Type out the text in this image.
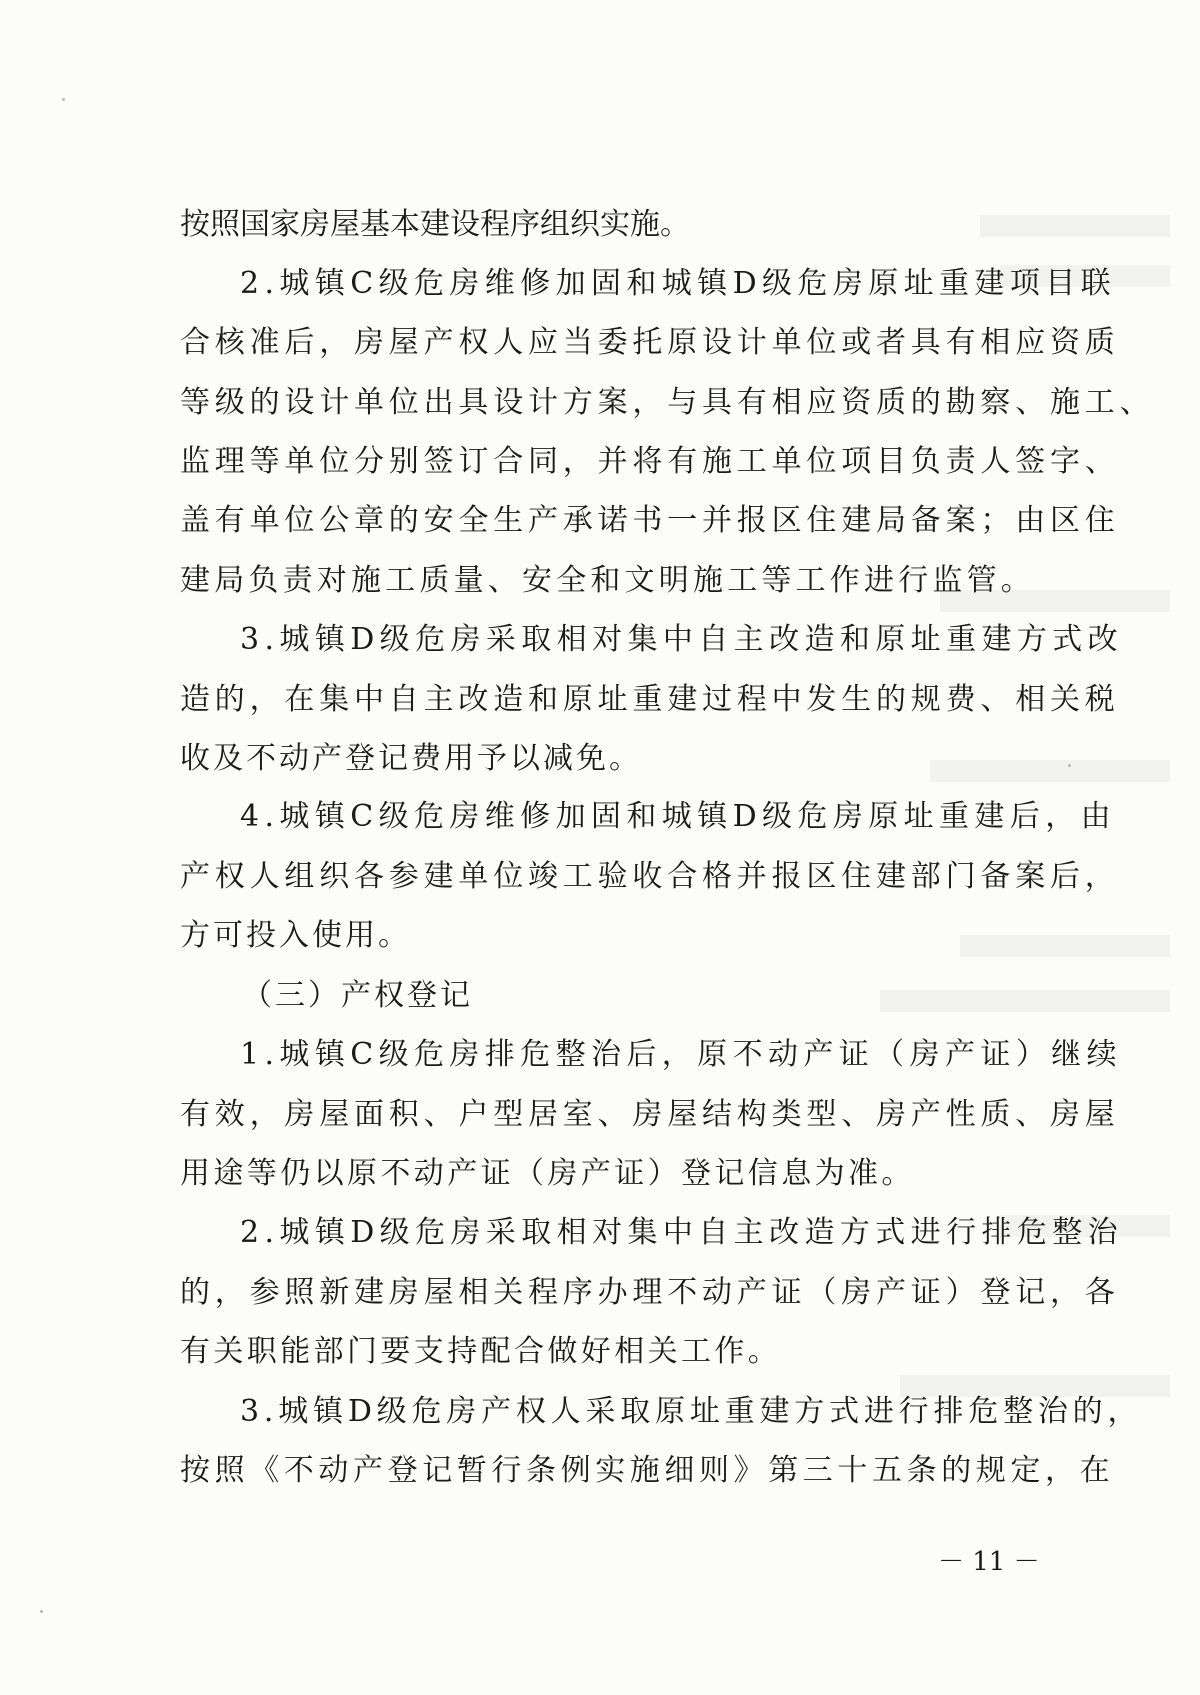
按照国家房屋基本建设程序组织实施。
2.城镇C级危房维修加固和城镇D级危房原址重建项目联
合核准后，房屋产权人应当委托原设计单位或者具有相应资质
等级的设计单位出具设计方案，与具有相应资质的勘察、施工、
监理等单位分别签订合同，并将有施工单位项目负责人签字、
盖有单位公章的安全生产承诺书一并报区住建局备案；由区住
建局负责对施工质量、安全和文明施工等工作进行监管。
3.城镇D级危房采取相对集中自主改造和原址重建方式改
造的，在集中自主改造和原址重建过程中发生的规费、相关税
收及不动产登记费用予以减免。
4.城镇C级危房维修加固和城镇D级危房原址重建后，由
产权人组织各参建单位竣工验收合格并报区住建部门备案后，
方可投入使用。
（三）产权登记
1.城镇C级危房排危整治后，原不动产证（房产证）继续
有效，房屋面积、户型居室、房屋结构类型、房产性质、房屋
用途等仍以原不动产证（房产证）登记信息为准。
2.城镇D级危房采取相对集中自主改造方式进行排危整治
的，参照新建房屋相关程序办理不动产证（房产证）登记，各
有关职能部门要支持配合做好相关工作。
3.城镇D级危房产权人采取原址重建方式进行排危整治的，
按照《不动产登记暂行条例实施细则》第三十五条的规定，在
－ 11 －
